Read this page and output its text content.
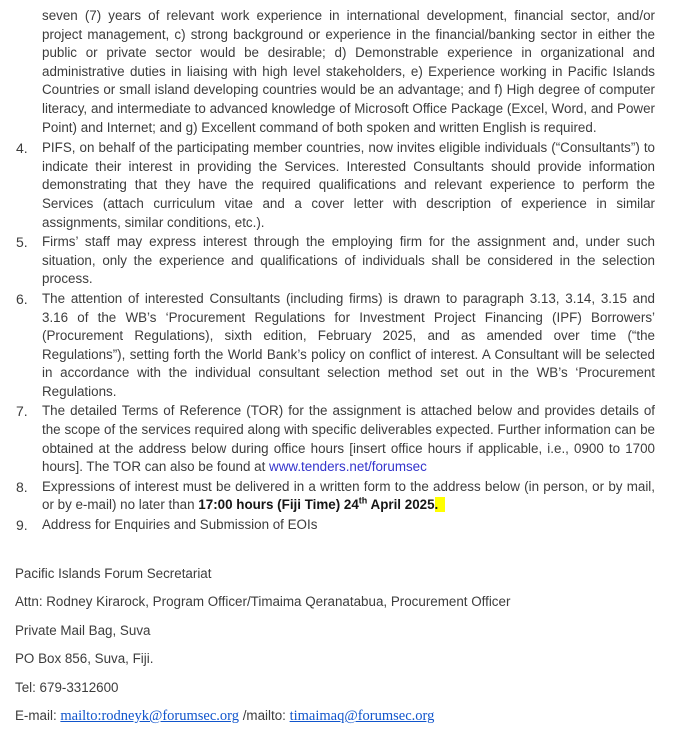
seven (7) years of relevant work experience in international development, financial sector, and/or project management, c) strong background or experience in the financial/banking sector in either the public or private sector would be desirable; d) Demonstrable experience in organizational and administrative duties in liaising with high level stakeholders, e) Experience working in Pacific Islands Countries or small island developing countries would be an advantage; and f) High degree of computer literacy, and intermediate to advanced knowledge of Microsoft Office Package (Excel, Word, and Power Point) and Internet; and g) Excellent command of both spoken and written English is required.

4. PIFS, on behalf of the participating member countries, now invites eligible individuals (“Consultants”) to indicate their interest in providing the Services. Interested Consultants should provide information demonstrating that they have the required qualifications and relevant experience to perform the Services (attach curriculum vitae and a cover letter with description of experience in similar assignments, similar conditions, etc.).
5. Firms’ staff may express interest through the employing firm for the assignment and, under such situation, only the experience and qualifications of individuals shall be considered in the selection process.
6. The attention of interested Consultants (including firms) is drawn to paragraph 3.13, 3.14, 3.15 and 3.16 of the WB’s ‘Procurement Regulations for Investment Project Financing (IPF) Borrowers’ (Procurement Regulations), sixth edition, February 2025, and as amended over time (“the Regulations”), setting forth the World Bank’s policy on conflict of interest. A Consultant will be selected in accordance with the individual consultant selection method set out in the WB’s ‘Procurement Regulations.
7. The detailed Terms of Reference (TOR) for the assignment is attached below and provides details of the scope of the services required along with specific deliverables expected. Further information can be obtained at the address below during office hours [insert office hours if applicable, i.e., 0900 to 1700 hours]. The TOR can also be found at www.tenders.net/forumsec
8. Expressions of interest must be delivered in a written form to the address below (in person, or by mail, or by e-mail) no later than 17:00 hours (Fiji Time) 24th April 2025.
9. Address for Enquiries and Submission of EOIs

Pacific Islands Forum Secretariat

Attn: Rodney Kirarock, Program Officer/Timaima Qeranatabua, Procurement Officer

Private Mail Bag, Suva

PO Box 856, Suva, Fiji.

Tel: 679-3312600

E-mail: mailto:rodneyk@forumsec.org /mailto: timaimaq@forumsec.org
